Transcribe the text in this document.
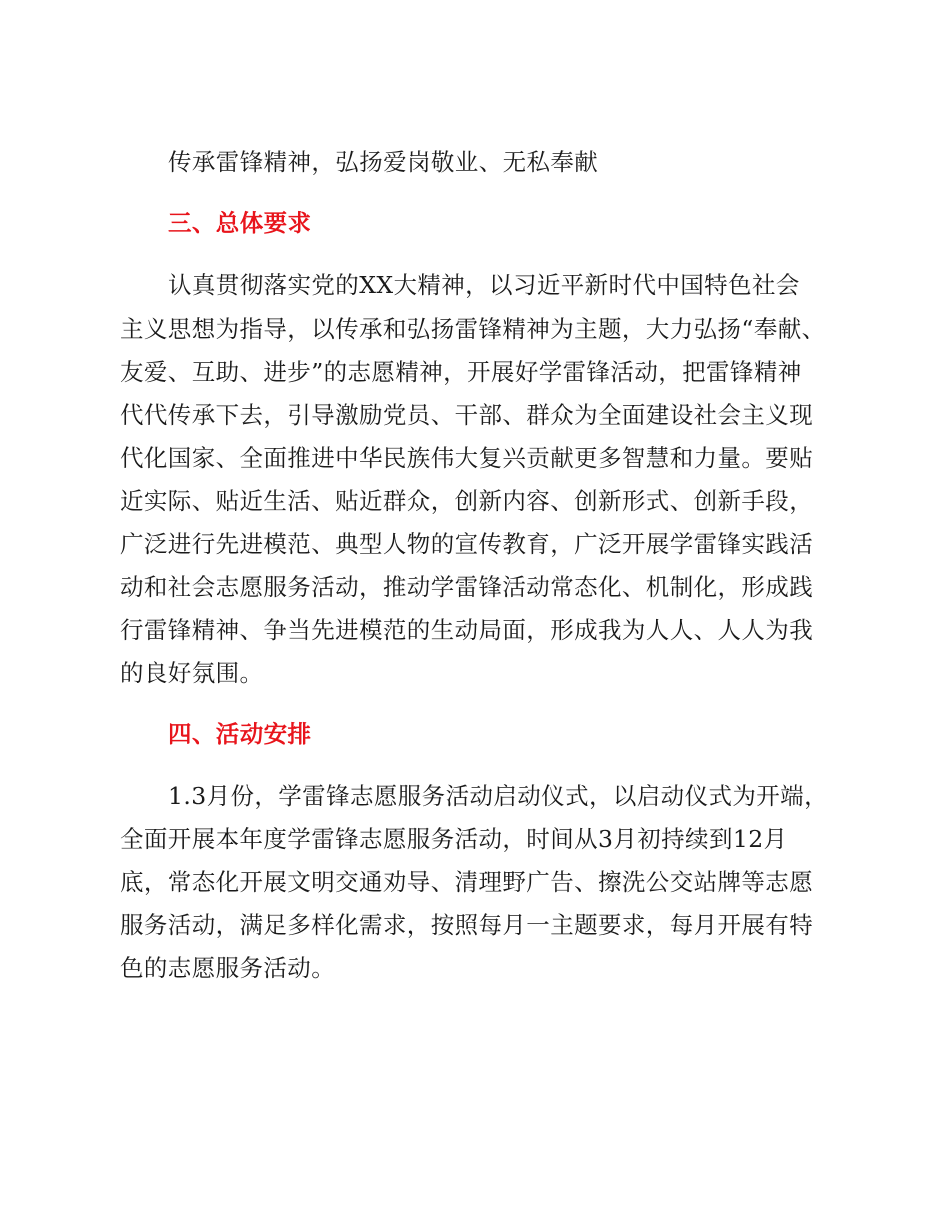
传承雷锋精神，弘扬爱岗敬业、无私奉献
三、总体要求
认真贯彻落实党的XX大精神，以习近平新时代中国特色社会
主义思想为指导，以传承和弘扬雷锋精神为主题，大力弘扬“奉献、
友爱、互助、进步”的志愿精神，开展好学雷锋活动，把雷锋精神
代代传承下去，引导激励党员、干部、群众为全面建设社会主义现
代化国家、全面推进中华民族伟大复兴贡献更多智慧和力量。要贴
近实际、贴近生活、贴近群众，创新内容、创新形式、创新手段，
广泛进行先进模范、典型人物的宣传教育，广泛开展学雷锋实践活
动和社会志愿服务活动，推动学雷锋活动常态化、机制化，形成践
行雷锋精神、争当先进模范的生动局面，形成我为人人、人人为我
的良好氛围。
四、活动安排
1.3月份，学雷锋志愿服务活动启动仪式，以启动仪式为开端，
全面开展本年度学雷锋志愿服务活动，时间从3月初持续到12月
底，常态化开展文明交通劝导、清理野广告、擦洗公交站牌等志愿
服务活动，满足多样化需求，按照每月一主题要求，每月开展有特
色的志愿服务活动。
